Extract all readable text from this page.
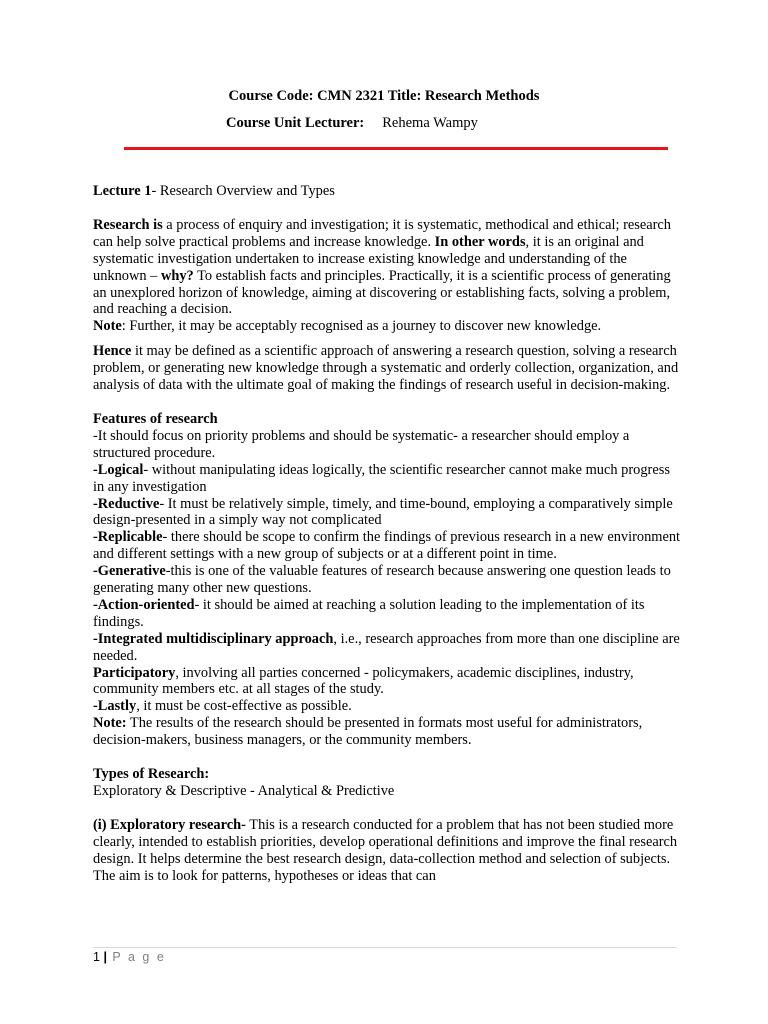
Course Code: CMN 2321 Title: Research Methods
Course Unit Lecturer: Rehema Wampy

Lecture 1- Research Overview and Types

Research is a process of enquiry and investigation; it is systematic, methodical and ethical; research can help solve practical problems and increase knowledge. In other words, it is an original and systematic investigation undertaken to increase existing knowledge and understanding of the unknown – why? To establish facts and principles. Practically, it is a scientific process of generating an unexplored horizon of knowledge, aiming at discovering or establishing facts, solving a problem, and reaching a decision.

Note: Further, it may be acceptably recognised as a journey to discover new knowledge.

Hence it may be defined as a scientific approach of answering a research question, solving a research problem, or generating new knowledge through a systematic and orderly collection, organization, and analysis of data with the ultimate goal of making the findings of research useful in decision-making.

Features of research

-It should focus on priority problems and should be systematic- a researcher should employ a structured procedure.

-Logical- without manipulating ideas logically, the scientific researcher cannot make much progress in any investigation

-Reductive- It must be relatively simple, timely, and time-bound, employing a comparatively simple design-presented in a simply way not complicated

-Replicable- there should be scope to confirm the findings of previous research in a new environment and different settings with a new group of subjects or at a different point in time.

-Generative-this is one of the valuable features of research because answering one question leads to generating many other new questions.

-Action-oriented- it should be aimed at reaching a solution leading to the implementation of its findings.

-Integrated multidisciplinary approach, i.e., research approaches from more than one discipline are needed.

Participatory, involving all parties concerned - policymakers, academic disciplines, industry, community members etc. at all stages of the study.

-Lastly, it must be cost-effective as possible.

Note: The results of the research should be presented in formats most useful for administrators, decision-makers, business managers, or the community members.

Types of Research:

Exploratory & Descriptive - Analytical & Predictive

(i) Exploratory research- This is a research conducted for a problem that has not been studied more clearly, intended to establish priorities, develop operational definitions and improve the final research design. It helps determine the best research design, data-collection method and selection of subjects. The aim is to look for patterns, hypotheses or ideas that can

1 | P a g e
